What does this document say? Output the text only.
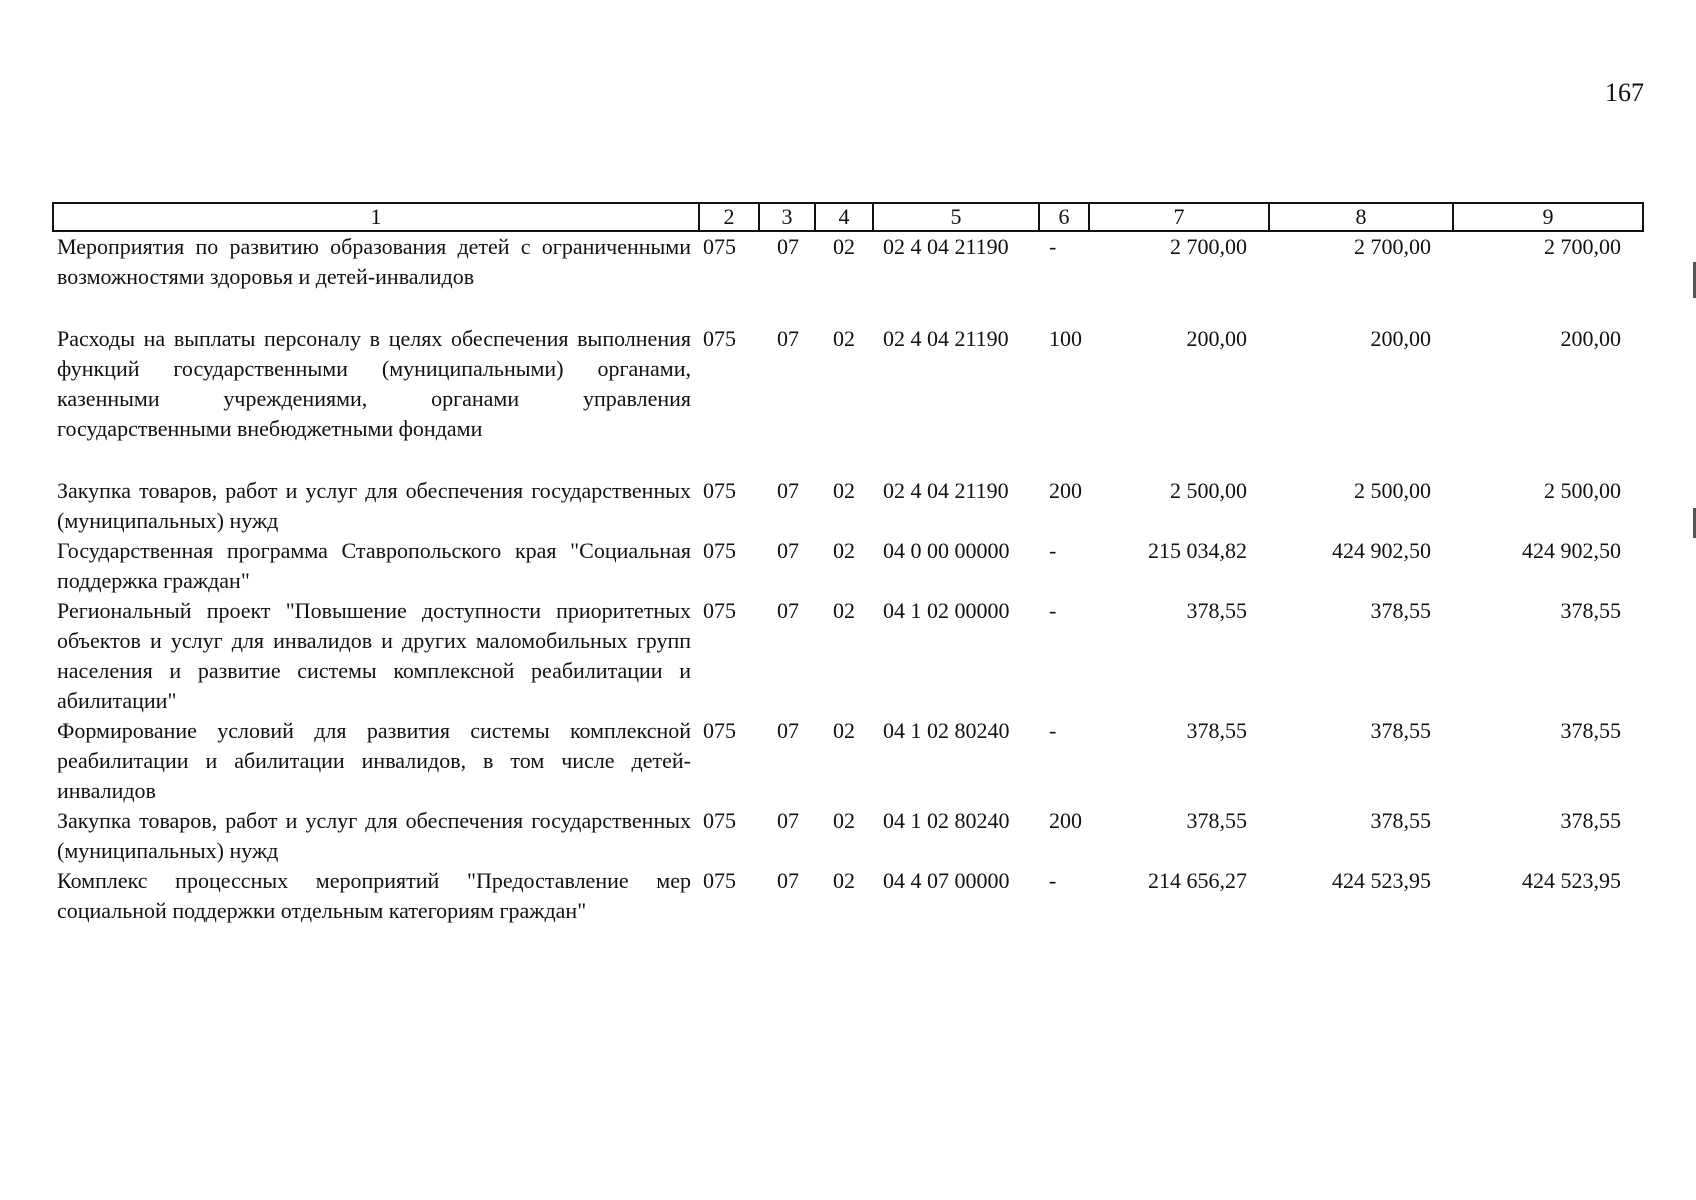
167
1	2	3	4	5	6	7	8	9
Мероприятия по развитию образования детей с ограниченными возможностями здоровья и детей-инвалидов	075	07	02	02 4 04 21190	-	2 700,00	2 700,00	2 700,00
Расходы на выплаты персоналу в целях обеспечения выполнения функций государственными (муниципальными) органами, казенными учреждениями, органами управления государственными внебюджетными фондами	075	07	02	02 4 04 21190	100	200,00	200,00	200,00
Закупка товаров, работ и услуг для обеспечения государственных (муниципальных) нужд	075	07	02	02 4 04 21190	200	2 500,00	2 500,00	2 500,00
Государственная программа Ставропольского края "Социальная поддержка граждан"	075	07	02	04 0 00 00000	-	215 034,82	424 902,50	424 902,50
Региональный проект "Повышение доступности приоритетных объектов и услуг для инвалидов и других маломобильных групп населения и развитие системы комплексной реабилитации и абилитации"	075	07	02	04 1 02 00000	-	378,55	378,55	378,55
Формирование условий для развития системы комплексной реабилитации и абилитации инвалидов, в том числе детей-инвалидов	075	07	02	04 1 02 80240	-	378,55	378,55	378,55
Закупка товаров, работ и услуг для обеспечения государственных (муниципальных) нужд	075	07	02	04 1 02 80240	200	378,55	378,55	378,55
Комплекс процессных мероприятий "Предоставление мер социальной поддержки отдельным категориям граждан"	075	07	02	04 4 07 00000	-	214 656,27	424 523,95	424 523,95
